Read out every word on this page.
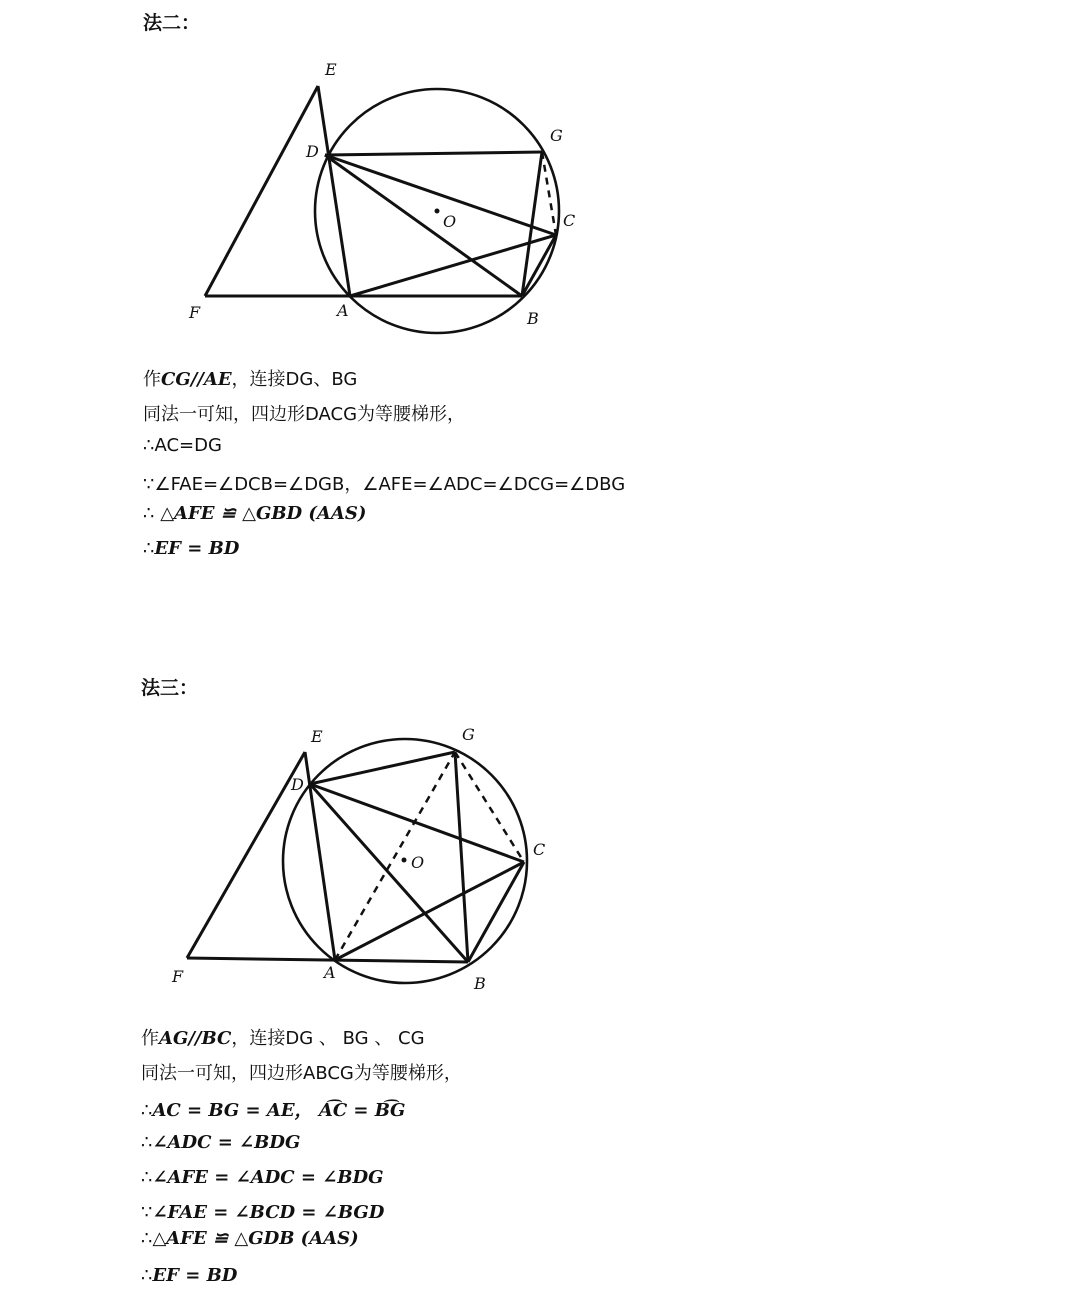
法二：
E
D
G
C
O
F	A	B
E
D
G
C
O
F	A
B
作CG//AE，连接DG、BG
同法一可知，四边形DACG为等腰梯形，
∴AC=DG
∵∠FAE=∠DCB=∠DGB，∠AFE=∠ADC=∠DCG=∠DBG
∴ △AFE ≌ △GBD (AAS)
∴EF = BD
法三：
作AG//BC，连接DG 、 BG 、 CG
同法一可知，四边形ABCG为等腰梯形，
∴AC = BG = AE， A͡C = B͡G
∴∠ADC = ∠BDG
∴∠AFE = ∠ADC = ∠BDG
∵∠FAE = ∠BCD = ∠BGD
∴△AFE ≌ △GDB (AAS)
∴EF = BD
